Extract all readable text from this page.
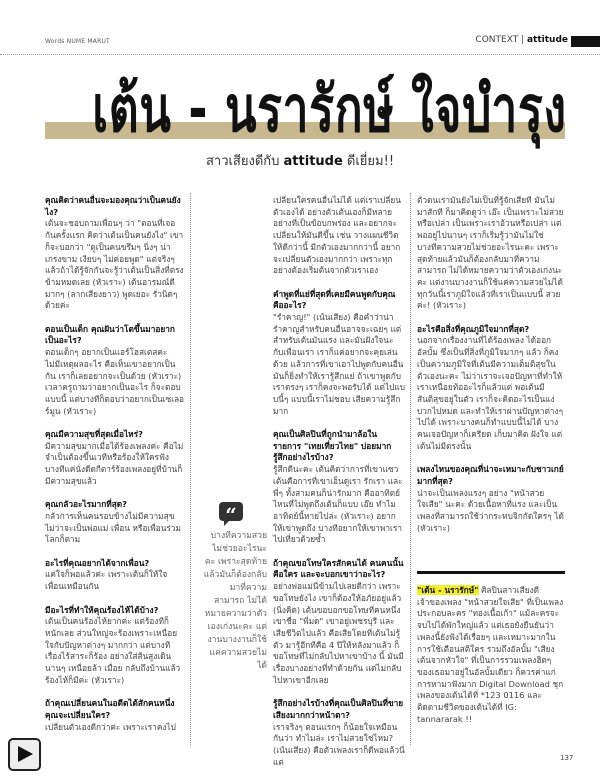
Words NUME MARUT	CONTEXT | attitude
เต้น - นรารักษ์ ใจบำรุง
สาวเสียงดีกับ attitude ดีเยี่ยม!!
คุณคิดว่าคนอื่นจะมองคุณว่าเป็นคนยังไง?
เต้นจะชอบถามเพื่อนๆ ว่า "ตอนที่เจอกันครั้งแรก คิดว่าเต้นเป็นคนยังไง" เขาก็จะบอกว่า "ดูเป็นคนขรึมๆ นิ่งๆ น่าเกรงขาม เงียบๆ ไม่ค่อยพูด" แต่จริงๆ แล้วถ้าได้รู้จักกันจะรู้ว่าเต้นเป็นสิ่งที่ตรงข้ามหมดเลย (หัวเราะ) เต้นอารมณ์ดีมากๆ (ลากเสียงยาว) พูดเยอะ รั่วนิดๆ ด้วยค่ะ
ตอนเป็นเด็ก คุณฝันว่าโตขึ้นมาอยากเป็นอะไร?
ตอนเด็กๆ อยากเป็นแอร์โฮสเตสค่ะ ไม่มีเหตุผลอะไร คือเห็นเขาอยากเป็นกัน เราก็เลยอยากจะเป็นด้วย (หัวเราะ) เวลาครูถามว่าอยากเป็นอะไร ก็จะตอบแบบนี้ แต่บางทีก็ตอบว่าอยากเป็นเซเลอร์มูน (หัวเราะ)
คุณมีความสุขที่สุดเมื่อไหร่?
มีความสุขมากเมื่อได้ร้องเพลงค่ะ คือไม่จำเป็นต้องขึ้นเวทีหรือร้องให้ใครฟัง บางทีแค่นั่งดีดกีตาร์ร้องเพลงอยู่ที่บ้านก็มีความสุขแล้ว
คุณกลัวอะไรมากที่สุด?
กลัวการเห็นคนรอบข้างไม่มีความสุข ไม่ว่าจะเป็นพ่อแม่ เพื่อน หรือเพื่อนร่วมโลกก็ตาม
อะไรที่คุณอยากได้จากเพื่อน?
แค่ใจก็พอแล้วค่ะ เพราะเต้นก็ให้ใจเพื่อนเหมือนกัน
มีอะไรที่ทำให้คุณร้องไห้ได้บ้าง?
เต้นเป็นคนร้องไห้ยากค่ะ แต่ร้องทีก็หนักเลย ส่วนใหญ่จะร้องเพราะเหนื่อยใจกับปัญหาต่างๆ มากกว่า แต่บางทีเรื่องไร้สาระก็ร้อง อย่างใส่ส้นสูงเดินนานๆ เหนื่อยล้า เมื่อย กลับถึงบ้านแล้วร้องไห้ก็มีค่ะ (หัวเราะ)
ถ้าคุณเปลี่ยนคนในอดีตได้สักคนหนึ่ง คุณจะเปลี่ยนใคร?
เปลี่ยนตัวเองดีกว่าค่ะ เพราะเราคงไป
“
บางทีความสวยไม่ช่วยอะไรนะคะ เพราะสุดท้ายแล้วมันก็ต้องกลับมาที่ความสามารถ ไม่ได้หมายความว่าตัวเองเก่งนะคะ แต่งานบางงานก็ใช้แค่ความสวยไม่ได้
เปลี่ยนใครคนอื่นไม่ได้ แต่เราเปลี่ยนตัวเองได้ อย่างตัวเต้นเองก็มีหลายอย่างที่เป็นข้อบกพร่อง และอยากจะเปลี่ยนให้มันดีขึ้น เช่น วางแผนชีวิตให้ดีกว่านี้ มีกตัวเองมากกว่านี้ อยากจะเปลี่ยนตัวเองมากกว่า เพราะทุกอย่างต้องเริ่มต้นจากตัวเราเอง
คำพูดที่แย่ที่สุดที่เคยมีคนพูดกับคุณคืออะไร?
"รำคาญ!" (เน้นเสียง) คือคำว่าน่ารำคาญสำหรับคนอื่นอาจจะเฉยๆ แต่สำหรับเต้นมันแรง และมันฝังใจนะ กับเพื่อนเรา เราก็แค่อยากจะคุยเล่นด้วย แล้วการที่เขาเอาไปพูดกับคนอื่น มันก็ยิ่งทำให้เรารู้สึกแย่ ถ้าเขาพูดกับเราตรงๆ เราก็คงจะพอรับได้ แต่ไปแบบนี้ๆ แบบนี้เราไม่ชอบ เสียความรู้สึกมาก
คุณเป็นศิลปินที่ถูกนำมาล้อในรายการ "เทยเที่ยวไทย" บ่อยมาก รู้สึกอย่างไรบ้าง?
รู้สึกดีนะคะ เต้นคิดว่าการที่เขาแซวเต้นคือการที่เขาเอ็นดูเรา รักเรา และพี่ๆ ทั้งสามคนก็น่ารักมาก คืออาทิตย์ไหนที่ไม่พูดถึงเต้นก็แบบ เอ๊ย ทำไมอาทิตย์นี้หายไปล่ะ (หัวเราะ) อยากให้เขาพูดถึง บางทีอยากให้เขาพาเราไปเที่ยวด้วยซ้ำ
ถ้าคุณขอโทษใครสักคนได้ คนคนนั้นคือใคร และจะบอกเขาว่าอะไร?
อย่างพ่อแม่นี่ข้ามไปเลยดีกว่า เพราะขอโทษยังไง เขาก็ต้องให้อภัยอยู่แล้ว (นิ่งคิด) เต้นขอบอกขอโทษที่คนหนึ่ง เขาชื่อ "พี่มด" เขาอยู่เพชรบุรี และเสียชีวิตไปแล้ว คือเสียโดยที่เต้นไม่รู้ตัว มารู้อีกทีคือ 4 ปีให้หลังมาแล้ว ก็ขอโทษที่ไม่กลับไปหาเขาบ้าง นี้ มันมีเรื่องบางอย่างที่ทำด้วยกัน แต่ไม่กลับไปหาเขาอีกเลย
รู้สึกอย่างไรบ้างที่คุณเป็นศิลปินที่ขายเสียงมากกว่าหน้าตา?
เราจริงๆ ตอนแรกๆ ก็น้อยใจเหมือนกันว่า ทำไมล่ะ เราไม่สวยใช่ไหม? (เน้นเสียง) คือตัวเพลงเราก็ดีพอแล้วนี่ แต่
ตัวตนเรามันยังไม่เป็นที่รู้จักเสียที มันไม่มาสักที ก็มาคิดดูว่า เอ๊ะ เป็นเพราะไม่สวยหรือเปล่า เป็นเพราะเราอ้วนหรือเปล่า แต่พออยู่ไปนานๆ เราก็เริ่มรู้ว่ามันไม่ใช่ บางทีความสวยไม่ช่วยอะไรนะคะ เพราะสุดท้ายแล้วมันก็ต้องกลับมาที่ความสามารถ ไม่ได้หมายความว่าตัวเองเก่งนะคะ แต่งานบางงานก็ใช้แค่ความสวยไม่ได้ ทุกวันนี้เราภูมิใจแล้วที่เราเป็นแบบนี้ สวยค่ะ! (หัวเราะ)
อะไรคือสิ่งที่คุณภูมิใจมากที่สุด?
นอกจากเรื่องงานที่ได้ร้องเพลง ได้ออกอัลบั้ม ซึ่งเป็นที่สิ่งที่ภูมิใจมากๆ แล้ว ก็คงเป็นความภูมิใจที่เต้นมีความเต็มติสุขในตัวเองนะคะ ไม่ว่าเราจะเจอปัญหาที่ทำให้เราเหนื่อยท้ออะไรก็แล้วแต่ พอเต้นมีสันติสุขอยู่ในตัว เราก็จะคิดอะไรเป็นแง่บวกไปหมด และทำให้เราผ่านปัญหาต่างๆ ไปได้ เพราะบางคนก็ทำแบบนี้ไม่ได้ บางคนเจอปัญหาก็เครียด เก็บมาคิด ฝังใจ แต่เต้นไม่มีตรงนั้น
เพลงไหนของคุณที่น่าจะเหมาะกับชาวเกย์มากที่สุด?
น่าจะเป็นเพลงแรงๆ อย่าง "หน้าสวยใจเสีย" นะคะ ด้วยเนื้อหาที่แรง และเป็นเพลงที่สามารถใช้ว่ากระทบจิกกัดใครๆ ได้ (หัวเราะ)
"เต้น - นรารักษ์" ศิลปินสาวเสียงดี เจ้าของเพลง "หน้าสวยใจเสีย" ที่เป็นเพลงประกอบละคร "ทองเนื้อเก้า" แม้ละครจะจบไปได้พักใหญ่แล้ว แต่เธอยังยืนยันว่าเพลงนี้ยังฟังได้เรื่อยๆ และเหมาะมากในการใช้เตือนสติใคร รวมถึงอัลบั้ม "เสียงเต้นจากหัวใจ" ที่เป็นการรวมเพลงฮิตๆ ของเธอมาอยู่ในอัลบั้มเดียว ก็ควรค่าแก่การหามาฟังมาก Digital Download ชุกเพลงของเต้นได้ที่ *123 0116 และติดตามชีวิตของเต้นได้ที่ IG: tannararak !!
137
